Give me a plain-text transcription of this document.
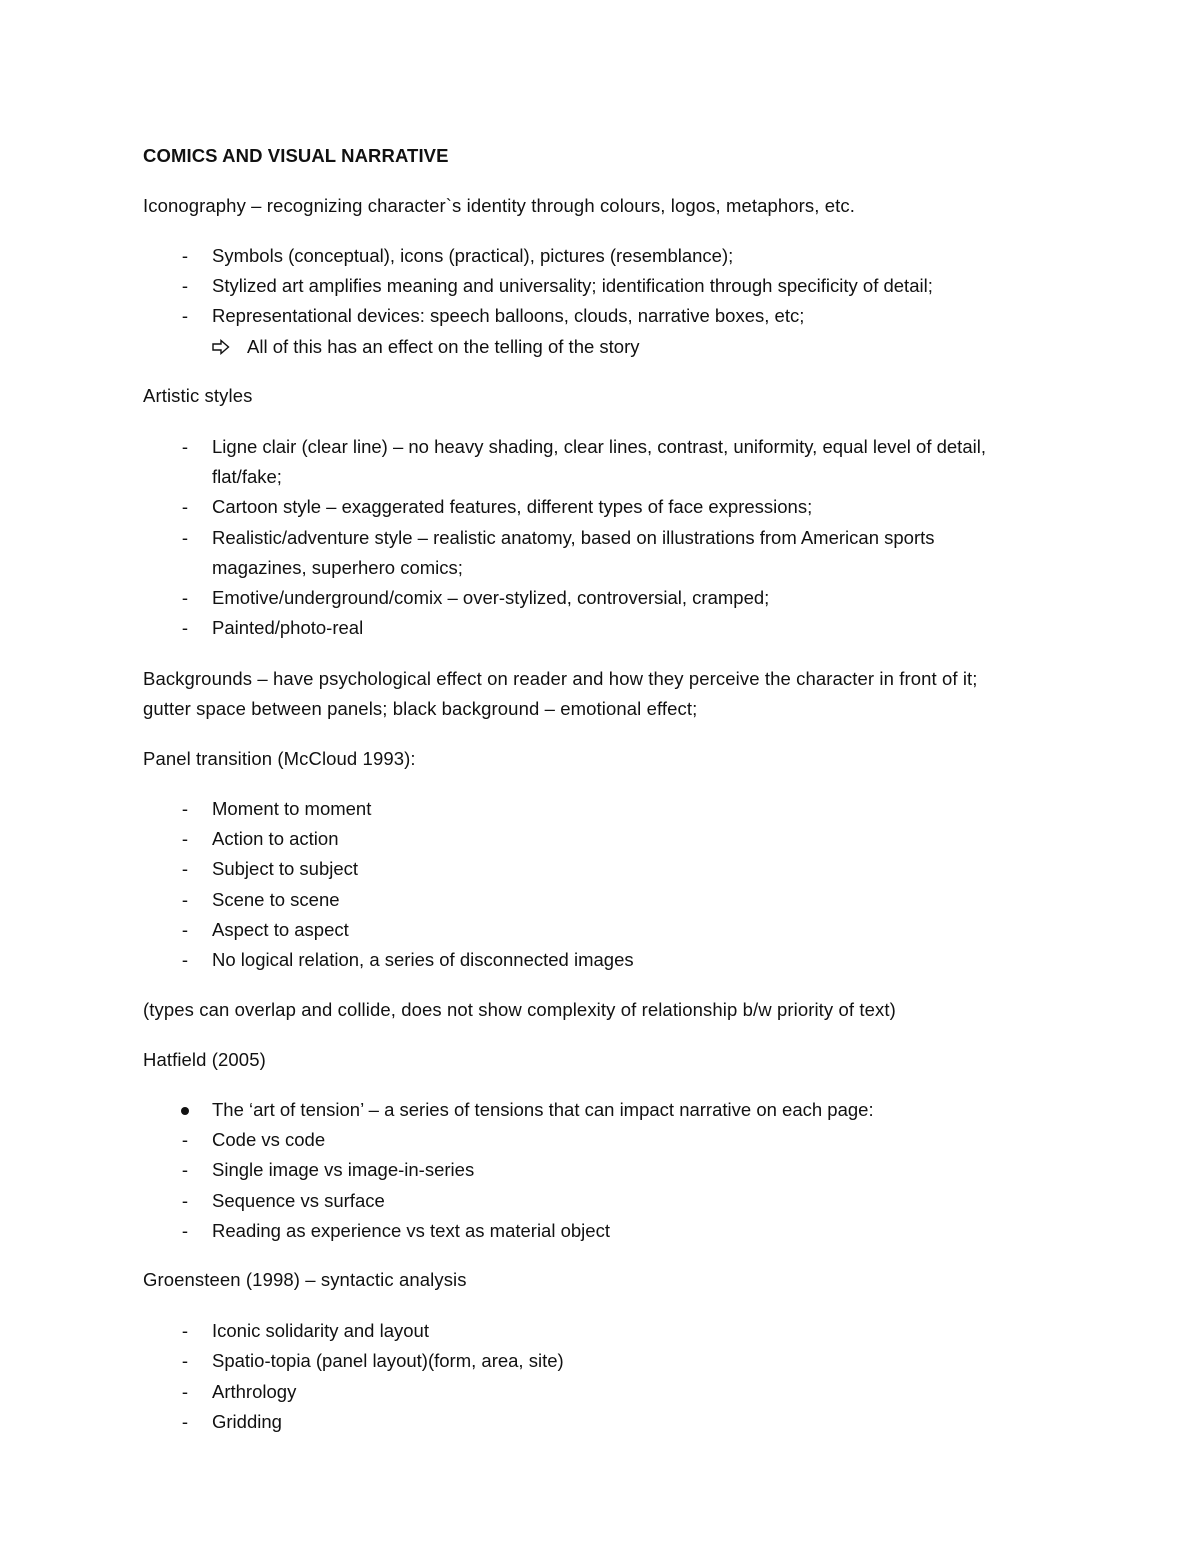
COMICS AND VISUAL NARRATIVE
Iconography – recognizing character`s identity through colours, logos, metaphors, etc.
-	Symbols (conceptual), icons (practical), pictures (resemblance);
-	Stylized art amplifies meaning and universality; identification through specificity of detail;
-	Representational devices: speech balloons, clouds, narrative boxes, etc;
All of this has an effect on the telling of the story
Artistic styles
-	Ligne clair (clear line) – no heavy shading, clear lines, contrast, uniformity, equal level of detail,
flat/fake;
-	Cartoon style – exaggerated features, different types of face expressions;
-	Realistic/adventure style – realistic anatomy, based on illustrations from American sports
magazines, superhero comics;
-	Emotive/underground/comix – over-stylized, controversial, cramped;
-	Painted/photo-real
Backgrounds – have psychological effect on reader and how they perceive the character in front of it;
gutter space between panels; black background – emotional effect;
Panel transition (McCloud 1993):
-	Moment to moment
-	Action to action
-	Subject to subject
-	Scene to scene
-	Aspect to aspect
-	No logical relation, a series of disconnected images
(types can overlap and collide, does not show complexity of relationship b/w priority of text)
Hatfield (2005)
The ‘art of tension’ – a series of tensions that can impact narrative on each page:
-	Code vs code
-	Single image vs image-in-series
-	Sequence vs surface
-	Reading as experience vs text as material object
Groensteen (1998) – syntactic analysis
-	Iconic solidarity and layout
-	Spatio-topia (panel layout)(form, area, site)
-	Arthrology
-	Gridding
